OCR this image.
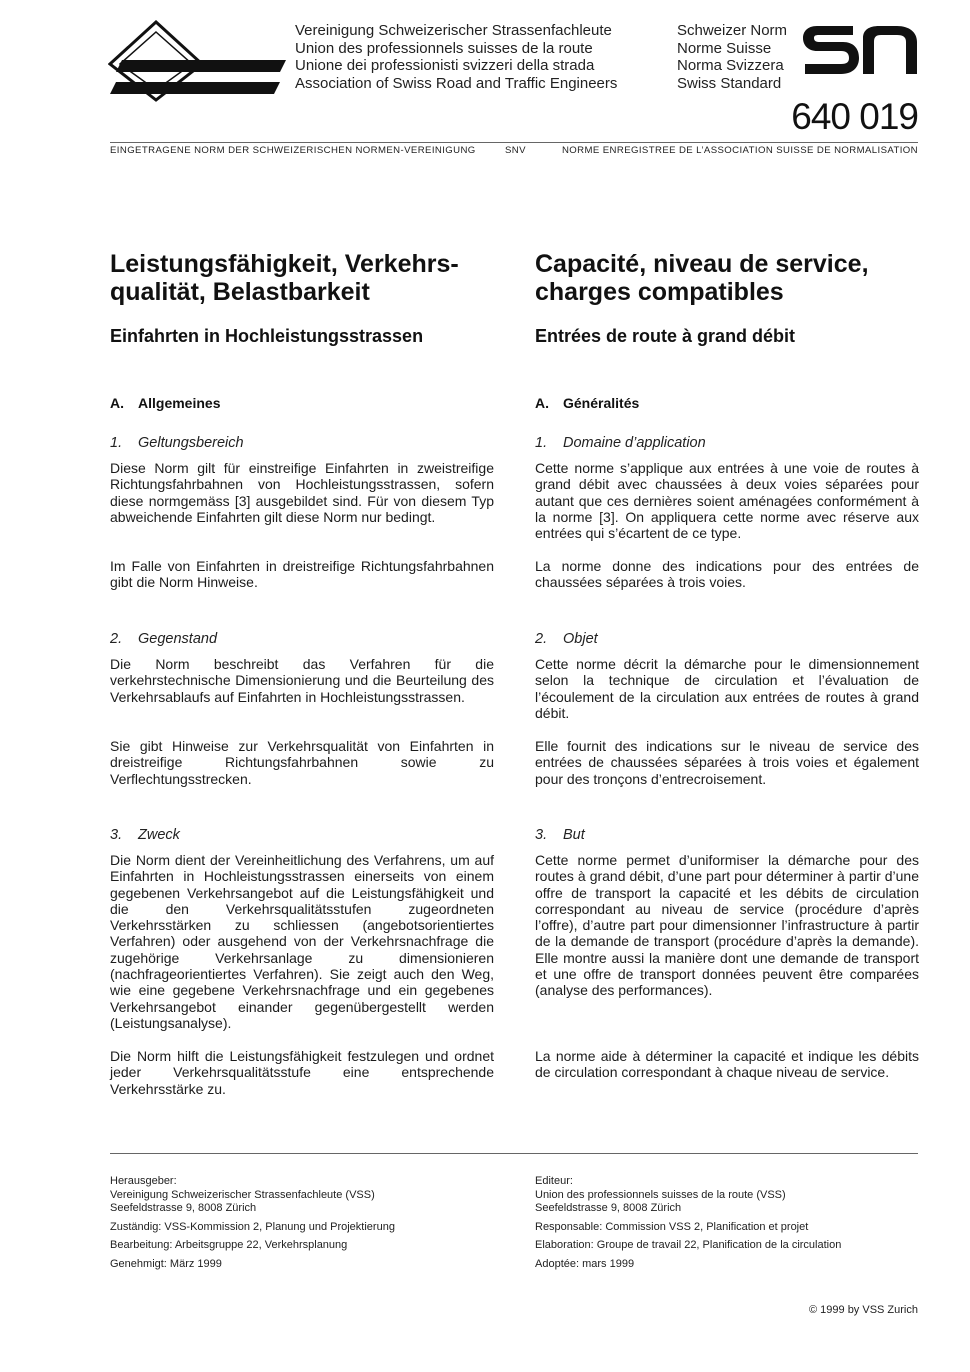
Vereinigung Schweizerischer Strassenfachleute
Union des professionnels suisses de la route
Unione dei professionisti svizzeri della strada
Association of Swiss Road and Traffic Engineers
Schweizer Norm
Norme Suisse
Norma Svizzera
Swiss Standard
640 019
EINGETRAGENE NORM DER SCHWEIZERISCHEN NORMEN-VEREINIGUNG	SNV	NORME ENREGISTREE DE L’ASSOCIATION SUISSE DE NORMALISATION
Leistungsfähigkeit, Verkehrs-
qualität, Belastbarkeit
Einfahrten in Hochleistungsstrassen
A. Allgemeines
1. Geltungsbereich
Diese Norm gilt für einstreifige Einfahrten in zweistreifige Richtungsfahrbahnen von Hochleistungsstrassen, sofern diese normgemäss [3] ausgebildet sind. Für von diesem Typ abweichende Einfahrten gilt diese Norm nur bedingt.
Im Falle von Einfahrten in dreistreifige Richtungsfahrbahnen gibt die Norm Hinweise.
2. Gegenstand
Die Norm beschreibt das Verfahren für die verkehrstechnische Dimensionierung und die Beurteilung des Verkehrsablaufs auf Einfahrten in Hochleistungsstrassen.
Sie gibt Hinweise zur Verkehrsqualität von Einfahrten in dreistreifige Richtungsfahrbahnen sowie zu Verflechtungsstrecken.
3. Zweck
Die Norm dient der Vereinheitlichung des Verfahrens, um auf Einfahrten in Hochleistungsstrassen einerseits von einem gegebenen Verkehrsangebot auf die Leistungsfähigkeit und die den Verkehrsqualitätsstufen zugeordneten Verkehrsstärken zu schliessen (angebotsorientiertes Verfahren) oder ausgehend von der Verkehrsnachfrage die zugehörige Verkehrsanlage zu dimensionieren (nachfrageorientiertes Verfahren). Sie zeigt auch den Weg, wie eine gegebene Verkehrsnachfrage und ein gegebenes Verkehrsangebot einander gegenübergestellt werden (Leistungsanalyse).
Die Norm hilft die Leistungsfähigkeit festzulegen und ordnet jeder Verkehrsqualitätsstufe eine entsprechende Verkehrsstärke zu.
Capacité, niveau de service,
charges compatibles
Entrées de route à grand débit
A. Généralités
1. Domaine d’application
Cette norme s’applique aux entrées à une voie de routes à grand débit avec chaussées à deux voies séparées pour autant que ces dernières soient aménagées conformément à la norme [3]. On appliquera cette norme avec réserve aux entrées qui s’écartent de ce type.
La norme donne des indications pour des entrées de chaussées séparées à trois voies.
2. Objet
Cette norme décrit la démarche pour le dimensionnement selon la technique de circulation et l’évaluation de l’écoulement de la circulation aux entrées de routes à grand débit.
Elle fournit des indications sur le niveau de service des entrées de chaussées séparées à trois voies et également pour des tronçons d’entrecroisement.
3. But
Cette norme permet d’uniformiser la démarche pour des routes à grand débit, d’une part pour déterminer à partir d’une offre de transport la capacité et les débits de circulation correspondant au niveau de service (procédure d’après l’offre), d’autre part pour dimensionner l’infrastructure à partir de la demande de transport (procédure d’après la demande). Elle montre aussi la manière dont une demande de transport et une offre de transport données peuvent être comparées (analyse des performances).
La norme aide à déterminer la capacité et indique les débits de circulation correspondant à chaque niveau de service.
Herausgeber:
Vereinigung Schweizerischer Strassenfachleute (VSS)
Seefeldstrasse 9, 8008 Zürich
Zuständig: VSS-Kommission 2, Planung und Projektierung
Bearbeitung: Arbeitsgruppe 22, Verkehrsplanung
Genehmigt: März 1999
Editeur:
Union des professionnels suisses de la route (VSS)
Seefeldstrasse 9, 8008 Zürich
Responsable: Commission VSS 2, Planification et projet
Elaboration: Groupe de travail 22, Planification de la circulation
Adoptée: mars 1999
© 1999 by VSS Zurich
